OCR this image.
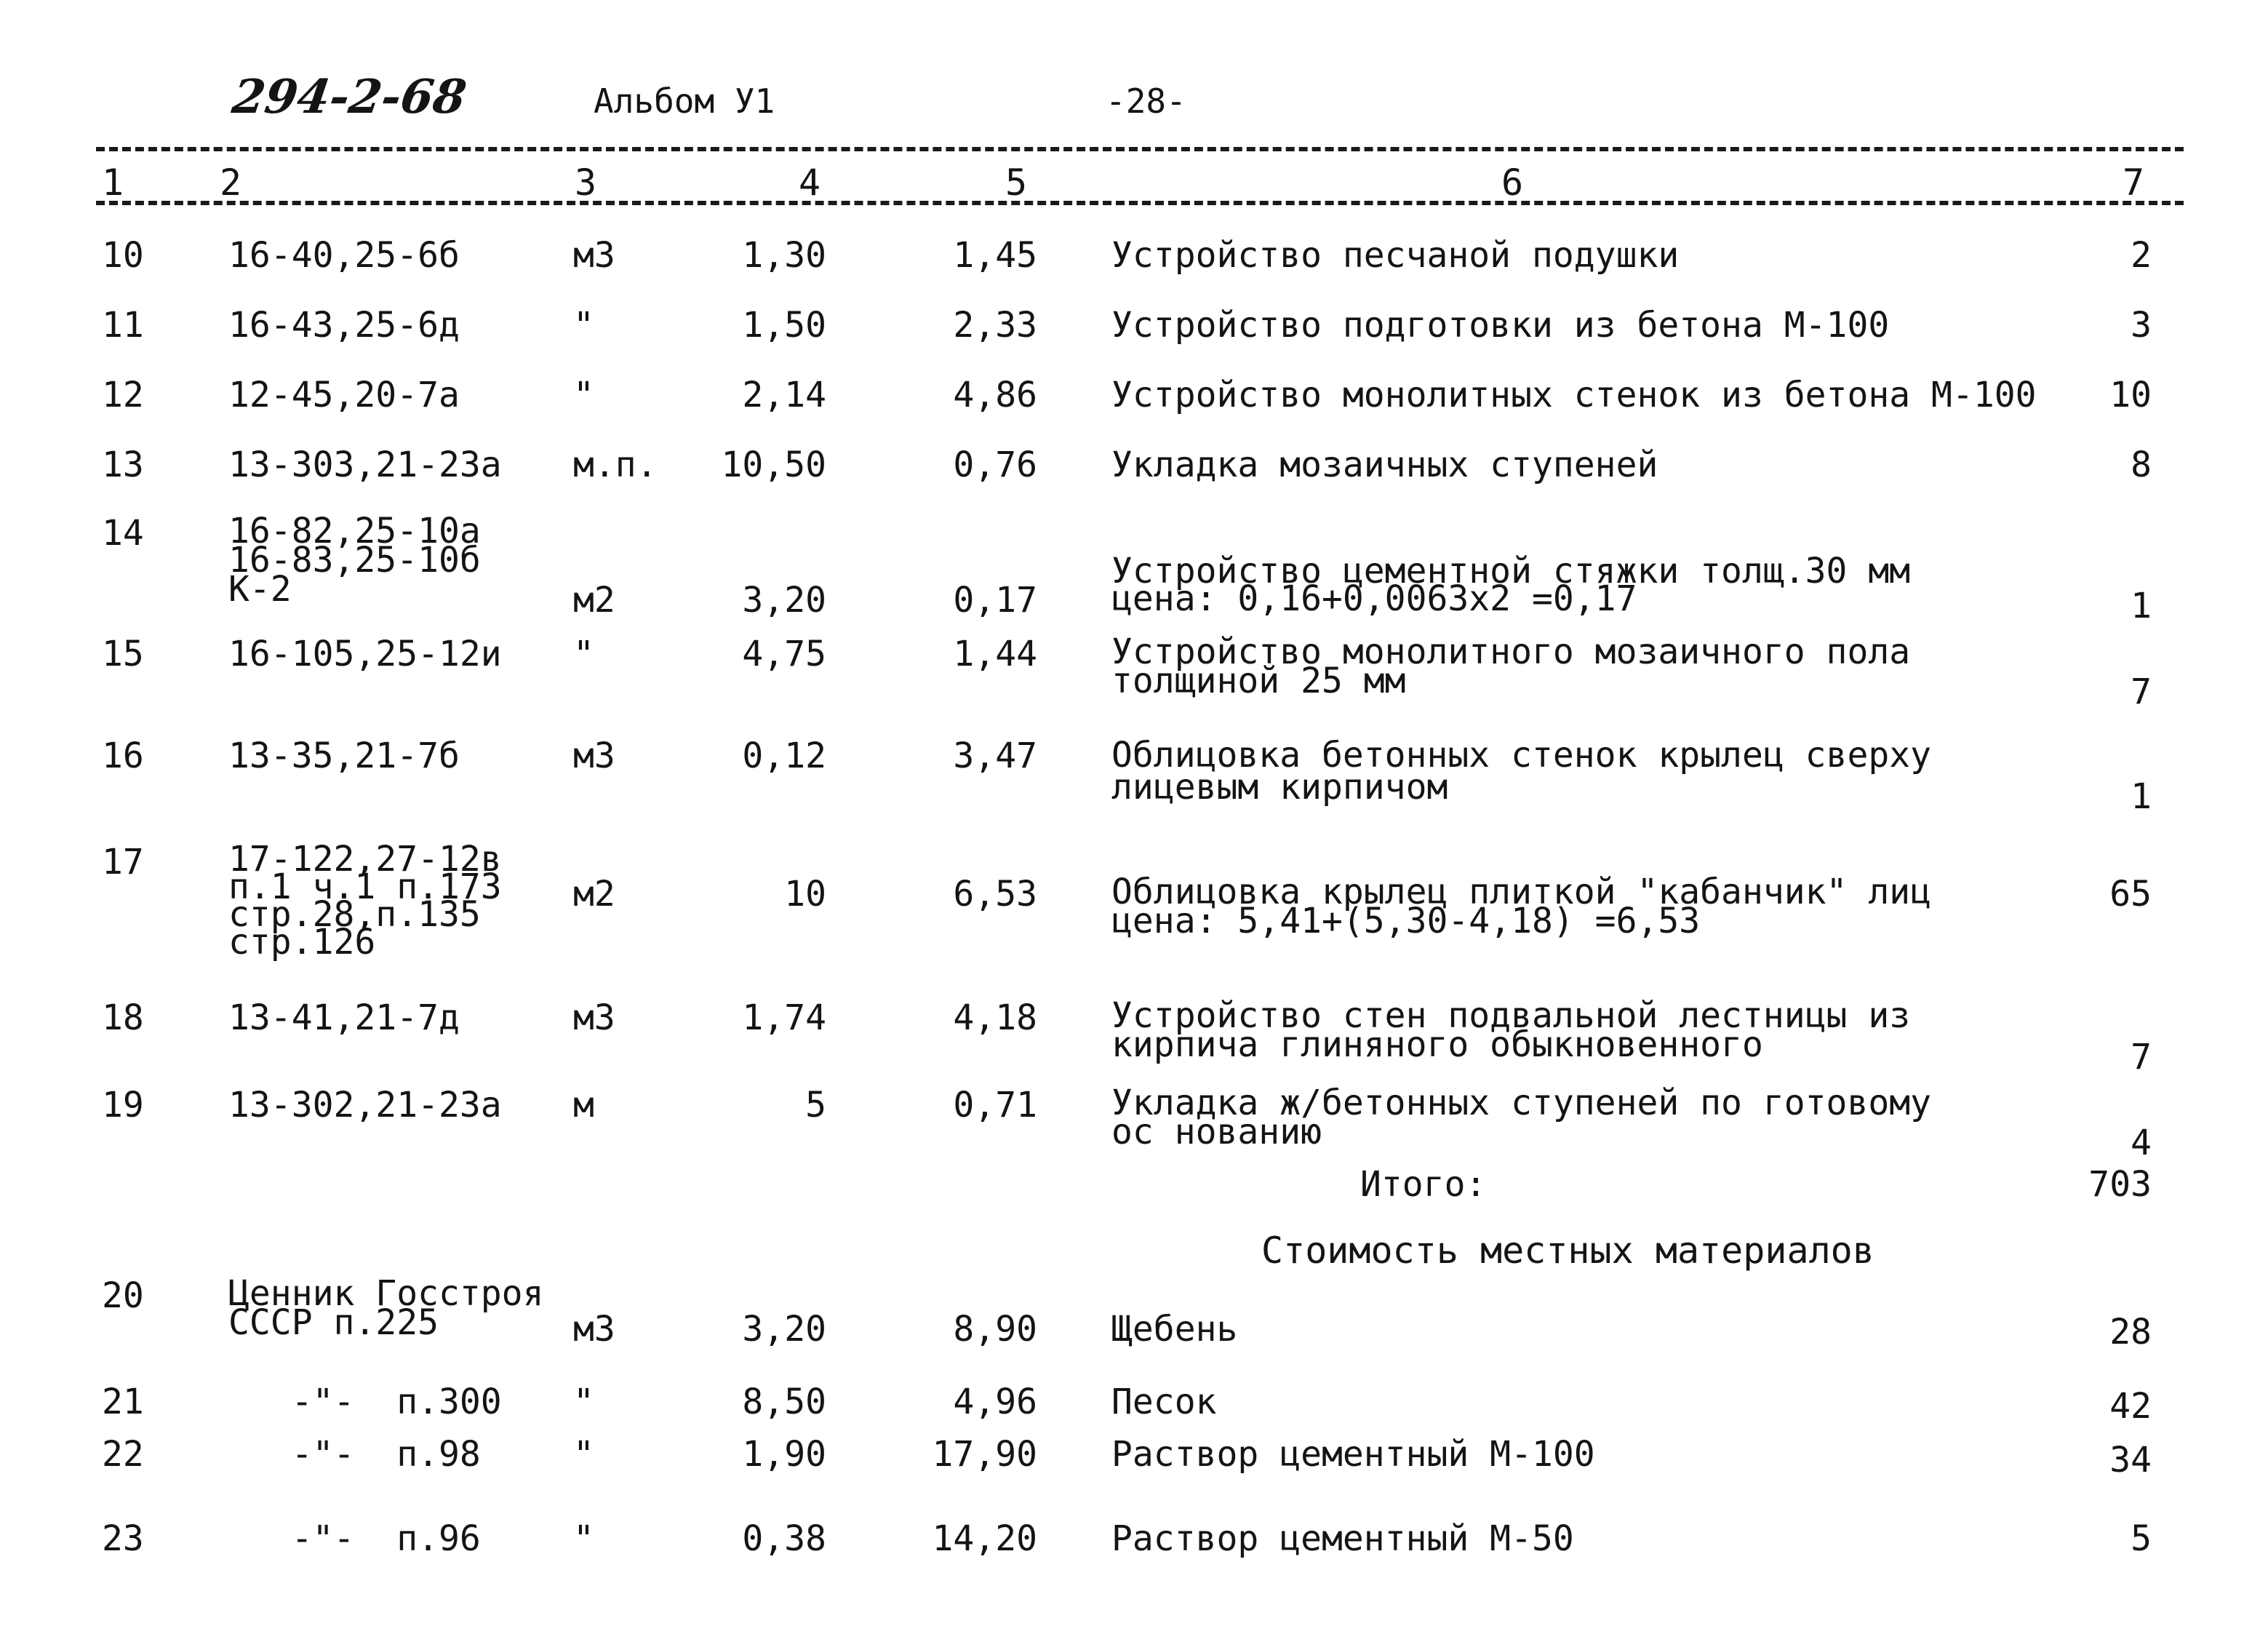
294-2-68	Альбом У1	-28-
1	2	3	4	5	6	7
10 16-40,25-6б	м3	1,30	1,45 Устройство песчаной подушки	2
11 16-43,25-6д	"	1,50	2,33 Устройство подготовки из бетона М-100	3
12 12-45,20-7а	"	2,14	4,86 Устройство монолитных стенок из бетона М-100	10
13 13-303,21-23а м.п.	10,50	0,76 Укладка мозаичных ступеней	8
14 16-82,25-10а
16-83,25-10б
К-2	м2	3,20	0,17
Устройство цементной стяжки толщ.30 мм
цена: 0,16+0,0063х2 =0,17	1
15 16-105,25-12и "	4,75	1,44 Устройство монолитного мозаичного пола
толщиной 25 мм	7
16 13-35,21-7б	м3	0,12	3,47 Облицовка бетонных стенок крылец сверху
лицевым кирпичом	1
17 17-122,27-12в
п.1 ч.1 п.173
стр.28,п.135
стр.126
м2	10	6,53 Облицовка крылец плиткой "кабанчик" лиц
цена: 5,41+(5,30-4,18) =6,53
65
18 13-41,21-7д	м3	1,74	4,18 Устройство стен подвальной лестницы из
кирпича глиняного обыкновенного	7
19 13-302,21-23а м	5	0,71 Укладка ж/бетонных ступеней по готовому
ос нованию	4
Итого:	703
Стоимость местных материалов
20 Ценник Госстроя
СССР п.225	м3	3,20	8,90 Щебень	28
21 -"-  п.300 "	8,50	4,96 Песок	42
22 -"-  п.98	"	1,90	17,90 Раствор цементный М-100	34
23 -"-  п.96	"	0,38	14,20 Раствор цементный М-50	5
